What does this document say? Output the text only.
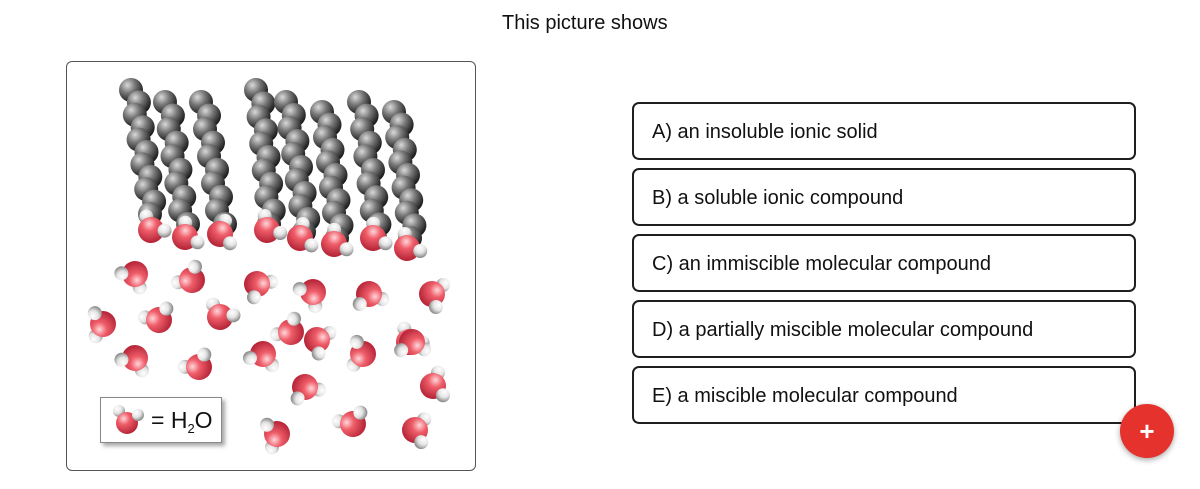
This picture shows
= $H_2O$
A) an insoluble ionic solid
B) a soluble ionic compound
C) an immiscible molecular compound
D) a partially miscible molecular compound
E) a miscible molecular compound
+
